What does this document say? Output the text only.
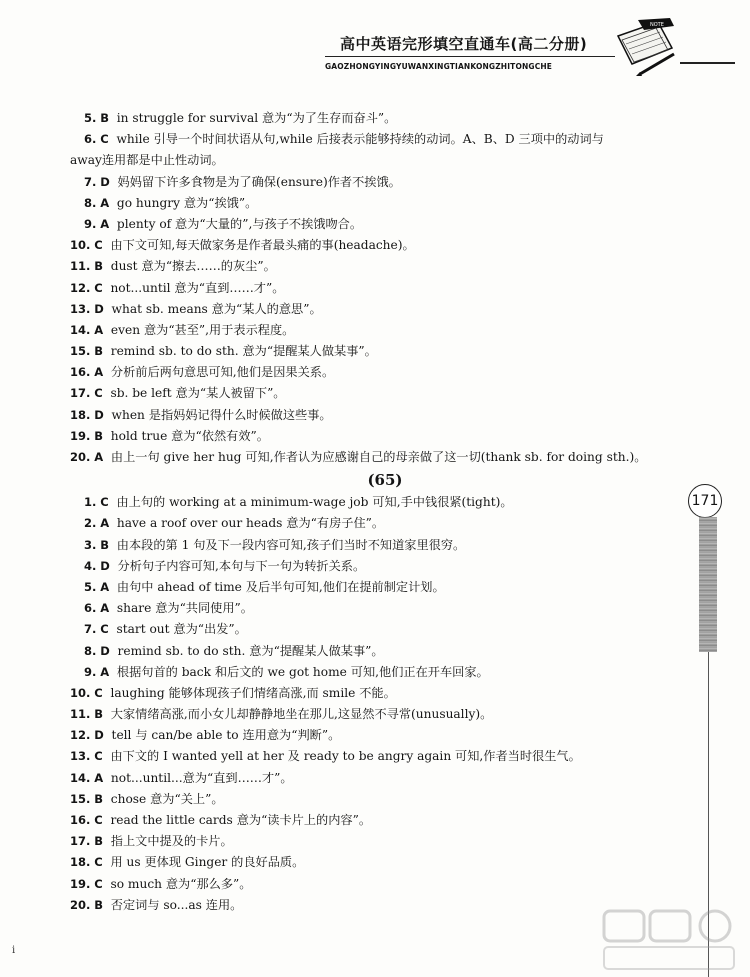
高中英语完形填空直通车(高二分册)
GAOZHONGYINGYUWANXINGTIANKONGZHITONGCHE
NOTE
5. B in struggle for survival 意为“为了生存而奋斗”。
6. C while 引导一个时间状语从句,while 后接表示能够持续的动词。A、B、D 三项中的动词与
away连用都是中止性动词。
7. D 妈妈留下许多食物是为了确保(ensure)作者不挨饿。
8. A go hungry 意为“挨饿”。
9. A plenty of 意为“大量的”,与孩子不挨饿吻合。
10. C 由下文可知,每天做家务是作者最头痛的事(headache)。
11. B dust 意为“擦去……的灰尘”。
12. C not...until 意为“直到……才”。
13. D what sb. means 意为“某人的意思”。
14. A even 意为“甚至”,用于表示程度。
15. B remind sb. to do sth. 意为“提醒某人做某事”。
16. A 分析前后两句意思可知,他们是因果关系。
17. C sb. be left 意为“某人被留下”。
18. D when 是指妈妈记得什么时候做这些事。
19. B hold true 意为“依然有效”。
20. A 由上一句 give her hug 可知,作者认为应感谢自己的母亲做了这一切(thank sb. for doing sth.)。
(65)
1. C 由上句的 working at a minimum-wage job 可知,手中钱很紧(tight)。
2. A have a roof over our heads 意为“有房子住”。
3. B 由本段的第 1 句及下一段内容可知,孩子们当时不知道家里很穷。
4. D 分析句子内容可知,本句与下一句为转折关系。
5. A 由句中 ahead of time 及后半句可知,他们在提前制定计划。
6. A share 意为“共同使用”。
7. C start out 意为“出发”。
8. D remind sb. to do sth. 意为“提醒某人做某事”。
9. A 根据句首的 back 和后文的 we got home 可知,他们正在开车回家。
10. C laughing 能够体现孩子们情绪高涨,而 smile 不能。
11. B 大家情绪高涨,而小女儿却静静地坐在那儿,这显然不寻常(unusually)。
12. D tell 与 can/be able to 连用意为“判断”。
13. C 由下文的 I wanted yell at her 及 ready to be angry again 可知,作者当时很生气。
14. A not...until...意为“直到……才”。
15. B chose 意为“关上”。
16. C read the little cards 意为“读卡片上的内容”。
17. B 指上文中提及的卡片。
18. C 用 us 更体现 Ginger 的良好品质。
19. C so much 意为“那么多”。
20. B 否定词与 so...as 连用。
171
i
